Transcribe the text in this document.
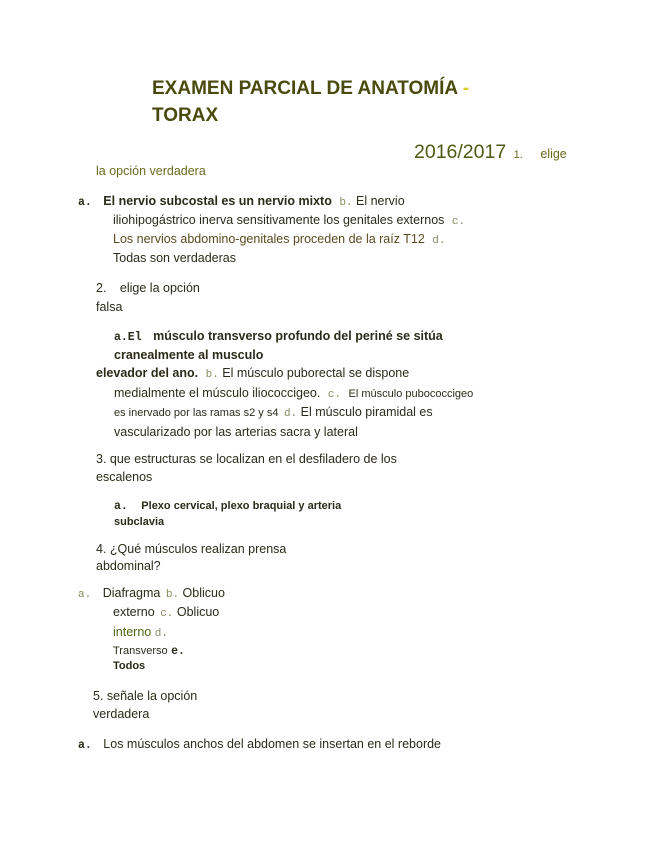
EXAMEN PARCIAL DE ANATOMÍA -
TORAX
2016/2017 1. elige
la opción verdadera
a. El nervio subcostal es un nervio mixto b. El nervio
iliohipogástrico inerva sensitivamente los genitales externos c.
Los nervios abdomino-genitales proceden de la raíz T12 d.
Todas son verdaderas
2. elige la opción
falsa
a.El músculo transverso profundo del periné se sitúa
cranealmente al musculo
elevador del ano. b. El músculo puborectal se dispone
medialmente el músculo iliococcigeo. c. El músculo pubococcigeo
es inervado por las ramas s2 y s4 d. El músculo piramidal es
vascularizado por las arterias sacra y lateral
3. que estructuras se localizan en el desfiladero de los
escalenos
a. Plexo cervical, plexo braquial y arteria
subclavia
4. ¿Qué músculos realizan prensa
abdominal?
a. Diafragma b. Oblicuo
externo c. Oblicuo
interno d.
Transverso e.
Todos
5. señale la opción
verdadera
a. Los músculos anchos del abdomen se insertan en el reborde
